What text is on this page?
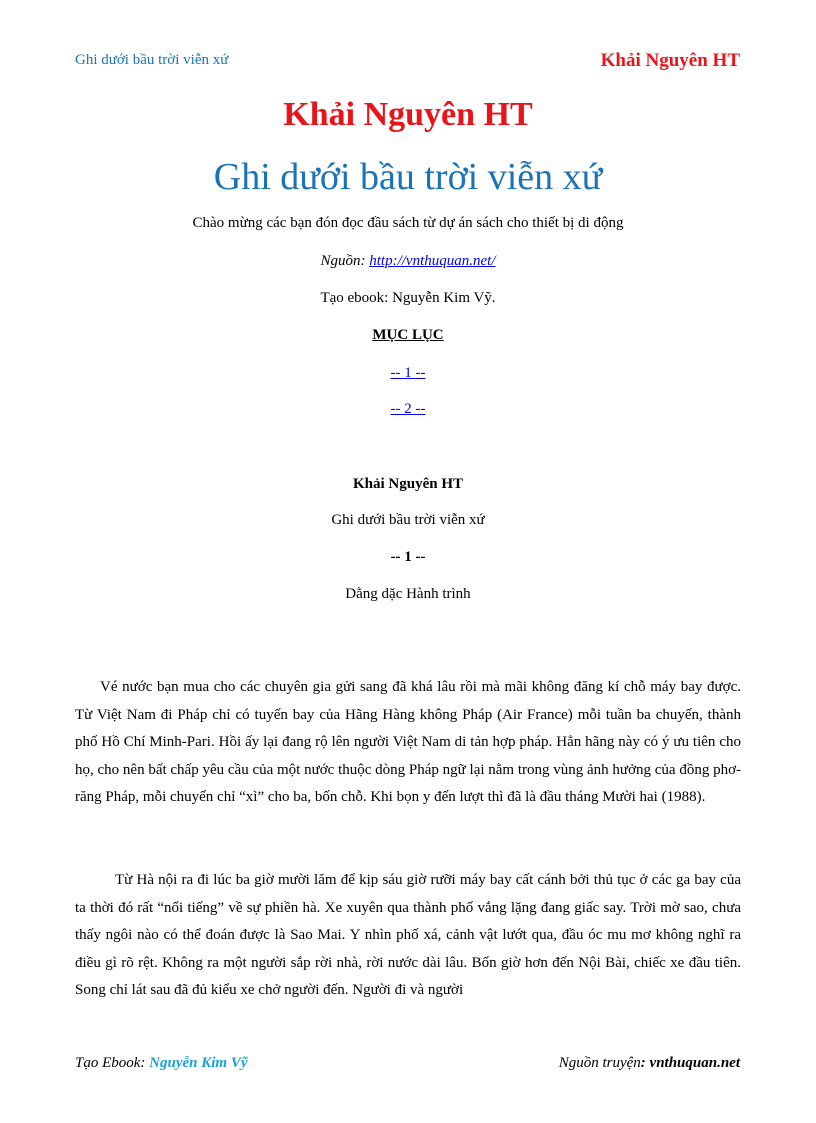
Ghi dưới bầu trời viễn xứ	Khải Nguyên HT
Khải Nguyên HT
Ghi dưới bầu trời viễn xứ
Chào mừng các bạn đón đọc đầu sách từ dự án sách cho thiết bị di động
Nguồn: http://vnthuquan.net/
Tạo ebook: Nguyễn Kim Vỹ.
MỤC LỤC
-- 1 --
-- 2 --
Khải Nguyên HT
Ghi dưới bầu trời viễn xứ
-- 1 --
Dằng dặc Hành trình

Vé nước bạn mua cho các chuyên gia gửi sang đã khá lâu rồi mà mãi không đăng kí chỗ máy bay được. Từ Việt Nam đi Pháp chỉ có tuyến bay của Hãng Hàng không Pháp (Air France) mỗi tuần ba chuyến, thành phố Hồ Chí Minh-Pari. Hồi ấy lại đang rộ lên người Việt Nam di tản hợp pháp. Hẳn hãng này có ý ưu tiên cho họ, cho nên bất chấp yêu cầu của một nước thuộc dòng Pháp ngữ lại nằm trong vùng ảnh hưởng của đồng phơ-răng Pháp, mỗi chuyến chỉ “xì” cho ba, bốn chỗ. Khi bọn y đến lượt thì đã là đầu tháng Mười hai (1988).

Từ Hà nội ra đi lúc ba giờ mười lăm để kịp sáu giờ rưỡi máy bay cất cánh bởi thủ tục ở các ga bay của ta thời đó rất “nổi tiếng” về sự phiền hà. Xe xuyên qua thành phố vắng lặng đang giấc say. Trời mờ sao, chưa thấy ngôi nào có thể đoán được là Sao Mai. Y nhìn phố xá, cảnh vật lướt qua, đầu óc mu mơ không nghĩ ra điều gì rõ rệt. Không ra một người sắp rời nhà, rời nước dài lâu. Bốn giờ hơn đến Nội Bài, chiếc xe đầu tiên. Song chỉ lát sau đã đủ kiểu xe chở người đến. Người đi và người

Tạo Ebook: Nguyễn Kim Vỹ	Nguồn truyện: vnthuquan.net
